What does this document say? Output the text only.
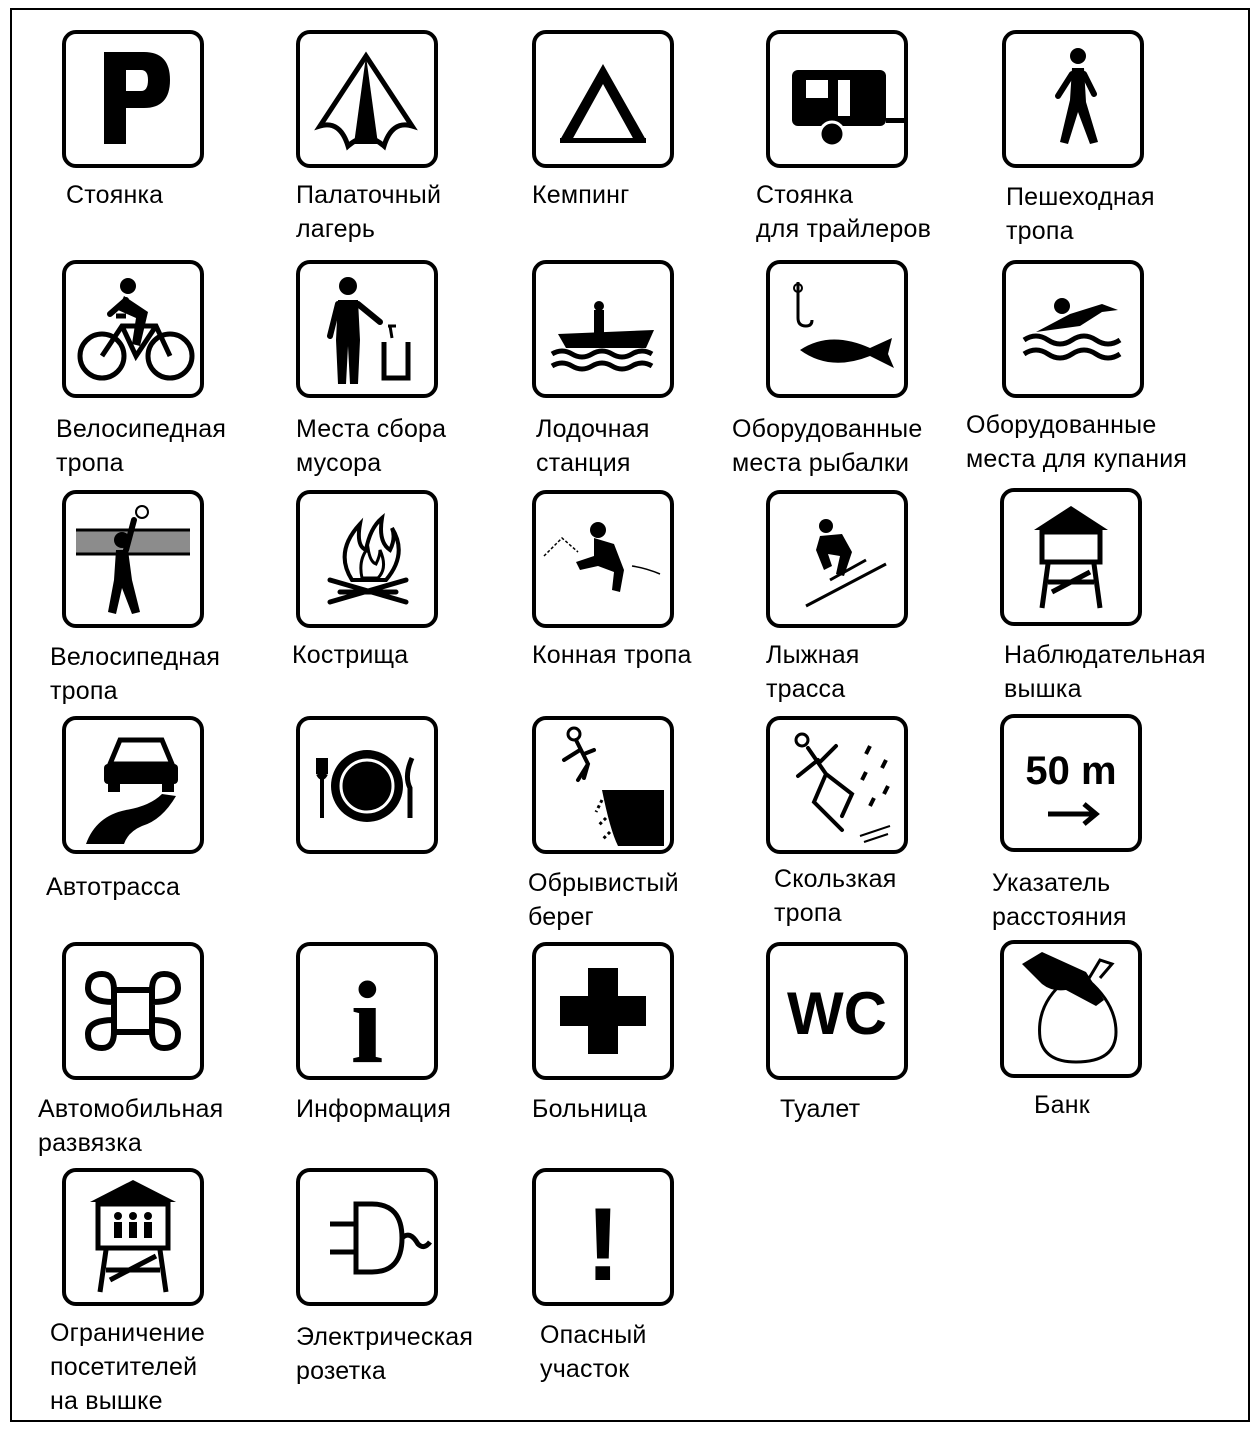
Стоянка	Палаточный
лагерь
Кемпинг	Стоянка
для трайлеров
Пешеходная
тропа
Велосипедная
тропа
Места сбора
мусора
Лодочная
станция
Оборудованные
места рыбалки
Оборудованные
места для купания
Велосипедная
тропа
Кострища	Конная тропа	Лыжная
трасса
Наблюдательная
вышка
Автотрасса	Обрывистый
берег
Скользкая
тропа
50 m
Указатель
расстояния
Автомобильная
развязка
i
Информация	Больница
WC
Туалет	Банк
Ограничение
посетителей
на вышке
Электрическая
розетка
!
Опасный
участок
